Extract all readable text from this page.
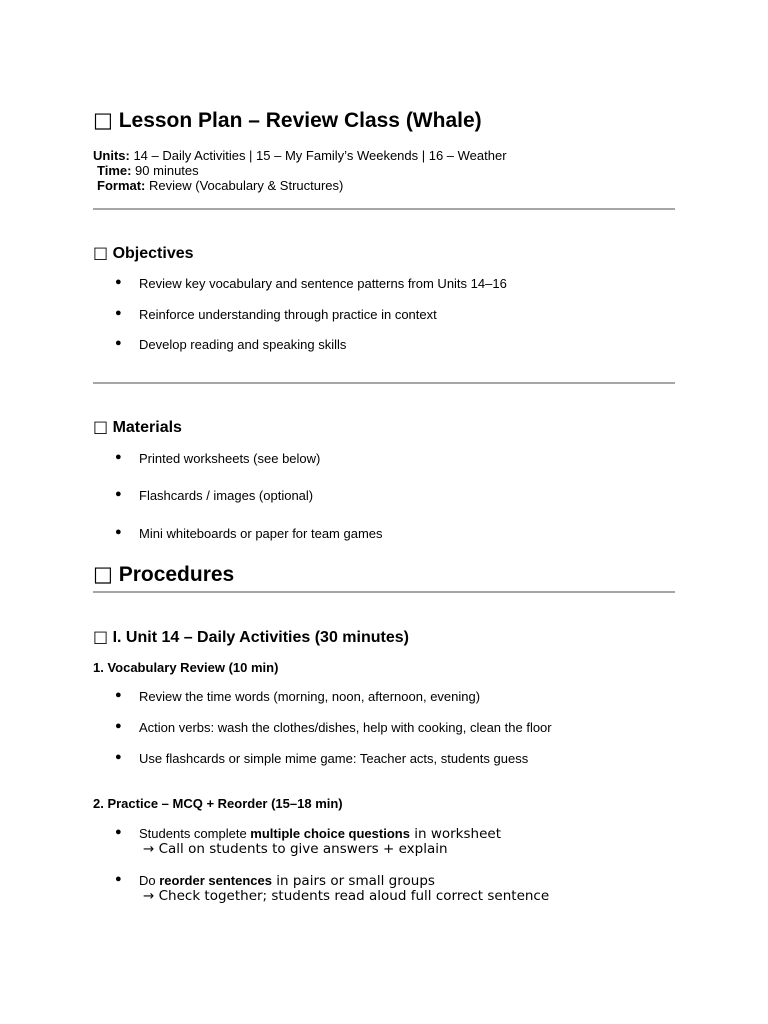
□ Lesson Plan – Review Class (Whale)
Units: 14 – Daily Activities | 15 – My Family’s Weekends | 16 – Weather
Time: 90 minutes
Format: Review (Vocabulary & Structures)
□ Objectives
● Review key vocabulary and sentence patterns from Units 14–16
● Reinforce understanding through practice in context
● Develop reading and speaking skills
□ Materials
● Printed worksheets (see below)
● Flashcards / images (optional)
● Mini whiteboards or paper for team games
□ Procedures
□ I. Unit 14 – Daily Activities (30 minutes)
1. Vocabulary Review (10 min)
● Review the time words (morning, noon, afternoon, evening)
● Action verbs: wash the clothes/dishes, help with cooking, clean the floor
● Use flashcards or simple mime game: Teacher acts, students guess
2. Practice – MCQ + Reorder (15–18 min)
● Students complete multiple choice questions in worksheet
→ Call on students to give answers + explain
● Do reorder sentences in pairs or small groups
→ Check together; students read aloud full correct sentence
